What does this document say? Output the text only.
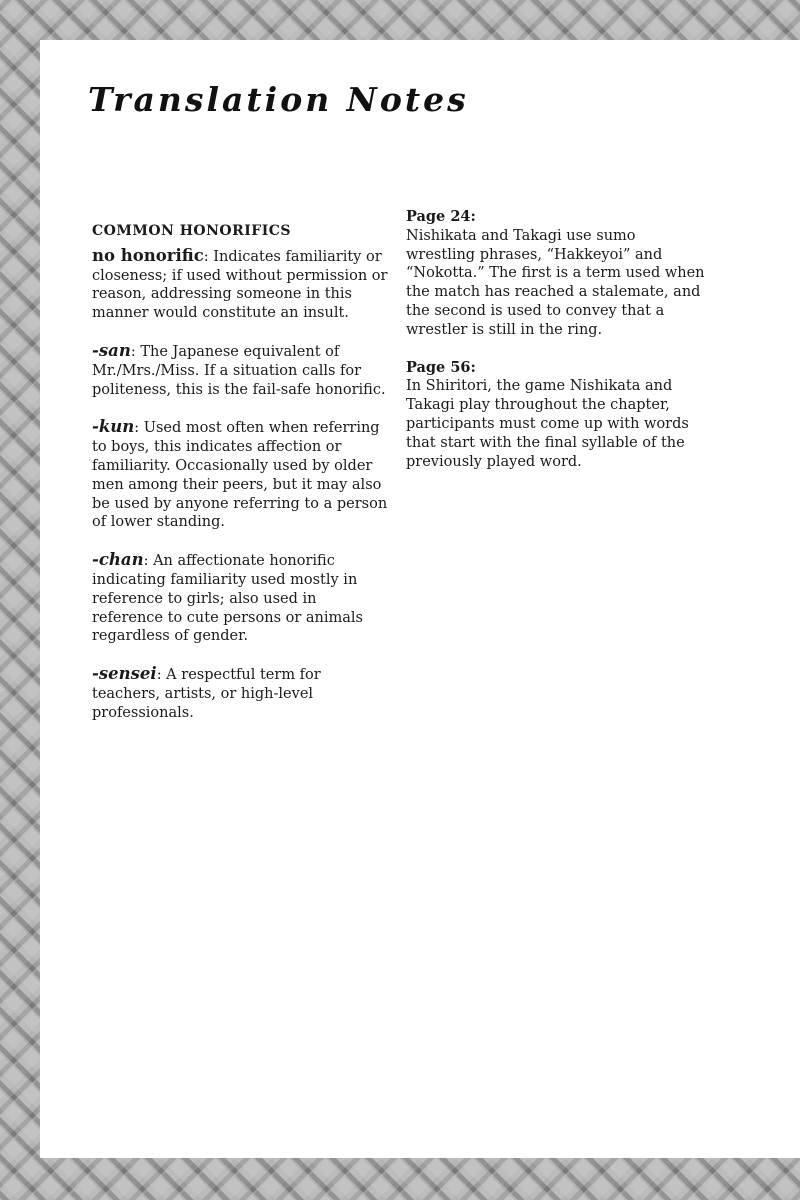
Translation Notes

COMMON HONORIFICS

no honorific: Indicates familiarity or closeness; if used without permission or reason, addressing someone in this manner would constitute an insult.

-san: The Japanese equivalent of Mr./Mrs./Miss. If a situation calls for politeness, this is the fail-safe honorific.

-kun: Used most often when referring to boys, this indicates affection or familiarity. Occasionally used by older men among their peers, but it may also be used by anyone referring to a person of lower standing.

-chan: An affectionate honorific indicating familiarity used mostly in reference to girls; also used in reference to cute persons or animals regardless of gender.

-sensei: A respectful term for teachers, artists, or high-level professionals.

Page 24:

Nishikata and Takagi use sumo wrestling phrases, “Hakkeyoi” and “Nokotta.” The first is a term used when the match has reached a stalemate, and the second is used to convey that a wrestler is still in the ring.

Page 56:

In Shiritori, the game Nishikata and Takagi play throughout the chapter, participants must come up with words that start with the final syllable of the previously played word.
